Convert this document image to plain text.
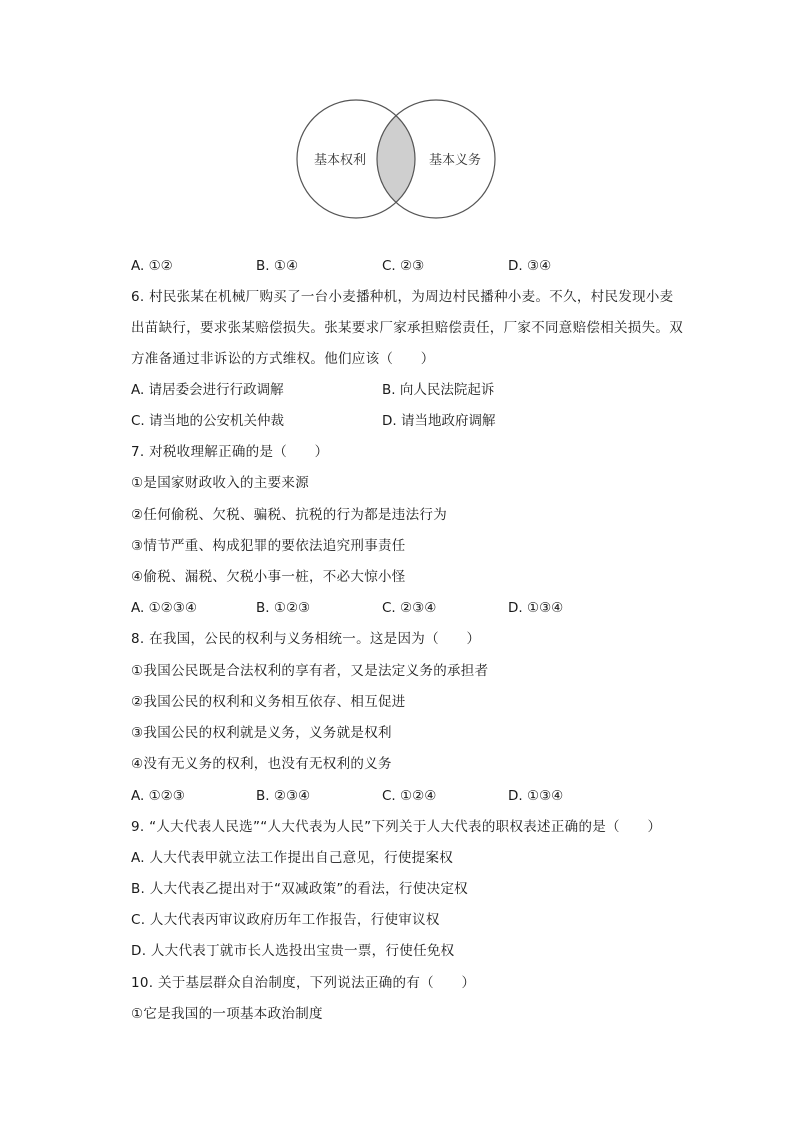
基本权利	基本义务
A. ①②	B. ①④	C. ②③	D. ③④
6. 村民张某在机械厂购买了一台小麦播种机，为周边村民播种小麦。不久，村民发现小麦
出苗缺行，要求张某赔偿损失。张某要求厂家承担赔偿责任，厂家不同意赔偿相关损失。双
方准备通过非诉讼的方式维权。他们应该（　　）
A. 请居委会进行行政调解	B. 向人民法院起诉
C. 请当地的公安机关仲裁	D. 请当地政府调解
7. 对税收理解正确的是（　　）
①是国家财政收入的主要来源
②任何偷税、欠税、骗税、抗税的行为都是违法行为
③情节严重、构成犯罪的要依法追究刑事责任
④偷税、漏税、欠税小事一桩，不必大惊小怪
A. ①②③④	B. ①②③	C. ②③④	D. ①③④
8. 在我国，公民的权利与义务相统一。这是因为（　　）
①我国公民既是合法权利的享有者，又是法定义务的承担者
②我国公民的权利和义务相互依存、相互促进
③我国公民的权利就是义务，义务就是权利
④没有无义务的权利，也没有无权利的义务
A. ①②③	B. ②③④	C. ①②④	D. ①③④
9. “人大代表人民选”“人大代表为人民”下列关于人大代表的职权表述正确的是（　　）
A. 人大代表甲就立法工作提出自己意见，行使提案权
B. 人大代表乙提出对于“双减政策”的看法，行使决定权
C. 人大代表丙审议政府历年工作报告，行使审议权
D. 人大代表丁就市长人选投出宝贵一票，行使任免权
10. 关于基层群众自治制度，下列说法正确的有（　　）
①它是我国的一项基本政治制度
